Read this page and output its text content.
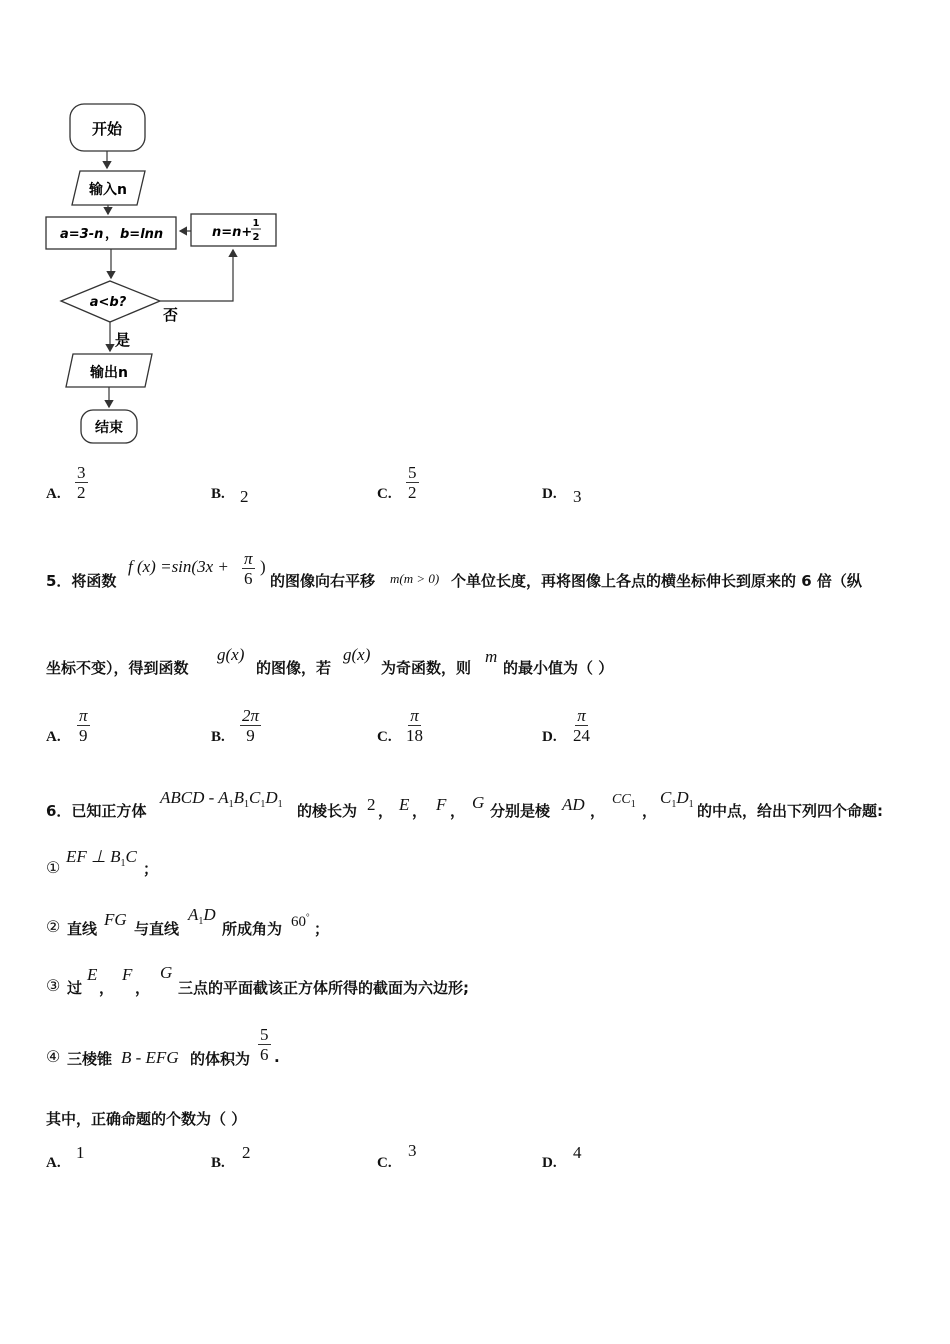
开始
输入n
a=3-n ， b=lnn	n=n+
1
2
a<b?
否
是
输出n
结束
A. $\frac{3}{2}$	B. 2	C. $\frac{5}{2}$	D. 3
5．将函数
f $(x) =\sin(3x + \frac{\pi}{6}$ )
的图像向右平移 m(m > 0) 个单位长度，再将图像上各点的横坐标伸长到原来的 6 倍（纵
坐标不变），得到函数
g(x)
的图像，若
g(x)
为奇函数，则
m
的最小值为（ ）
A. $\frac{\pi}{9}$	B. $\frac{2\pi}{9}$	C. $\frac{\pi}{18}$	D. $\frac{\pi}{24}$
6．已知正方体
ABCD - $A_1B_1C_1D_1$ 的棱长为 2 ， E ， F ， G 分别是棱 AD ，
$CC_1$ ，
$C_1D_1$ 的中点，给出下列四个命题:
①
EF ⊥ $B_1C$
；
② 直线 FG 与直线
$A_1D$
所成角为 60°
；
③ 过
E
，
F
，
G
三点的平面截该正方体所得的截面为六边形;
④ 三棱锥 B - EFG 的体积为 $\frac{5}{6}$ .
其中，正确命题的个数为（ ）
A.
1
B.
2
C.
3
D.
4
